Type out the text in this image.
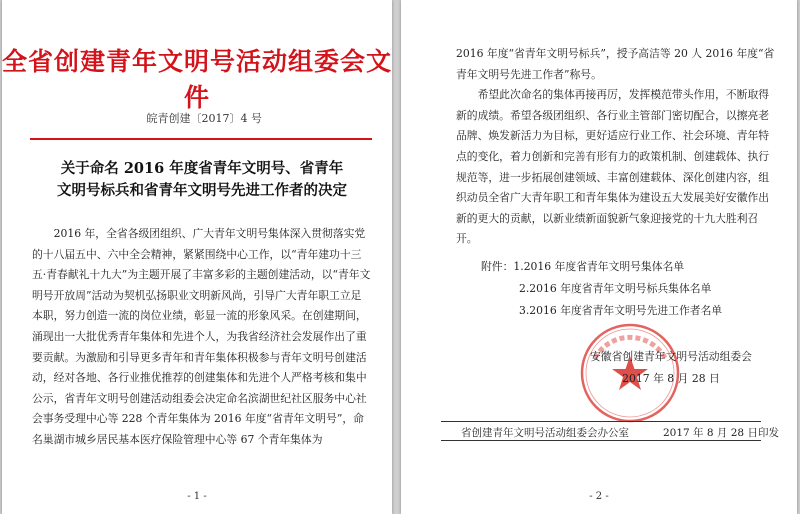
全省创建青年文明号活动组委会文件
皖青创建〔2017〕4 号
关于命名 2016 年度省青年文明号、省青年
文明号标兵和省青年文明号先进工作者的决定

2016 年，全省各级团组织、广大青年文明号集体深入贯彻落实党的十八届五中、六中全会精神，紧紧围绕中心工作，以“青年建功十三五·青春献礼十九大”为主题开展了丰富多彩的主题创建活动，以“青年文明号开放周”活动为契机弘扬职业文明新风尚，引导广大青年职工立足本职，努力创造一流的岗位业绩，彰显一流的形象风采。在创建期间，涌现出一大批优秀青年集体和先进个人，为我省经济社会发展作出了重要贡献。为激励和引导更多青年和青年集体积极参与青年文明号创建活动，经对各地、各行业推优推荐的创建集体和先进个人严格考核和集中公示，省青年文明号创建活动组委会决定命名滨湖世纪社区服务中心社会事务受理中心等 228 个青年集体为 2016 年度“省青年文明号”，命名巢湖市城乡居民基本医疗保险管理中心等 67 个青年集体为

- 1 -

2016 年度“省青年文明号标兵”，授予高洁等 20 人 2016 年度“省青年文明号先进工作者”称号。

希望此次命名的集体再接再厉，发挥模范带头作用，不断取得新的成绩。希望各级团组织、各行业主管部门密切配合，以擦亮老品牌、焕发新活力为目标，更好适应行业工作、社会环境、青年特点的变化，着力创新和完善有形有力的政策机制、创建载体、执行规范等，进一步拓展创建领域、丰富创建载体、深化创建内容，组织动员全省广大青年职工和青年集体为建设五大发展美好安徽作出新的更大的贡献，以新业绩新面貌新气象迎接党的十九大胜利召开。

附件：1.2016 年度省青年文明号集体名单
2.2016 年度省青年文明号标兵集体名单
3.2016 年度省青年文明号先进工作者名单
安徽省创建青年文明号活动组委会
2017 年 8 月 28 日
省创建青年文明号活动组委会办公室	2017 年 8 月 28 日印发
- 2 -
